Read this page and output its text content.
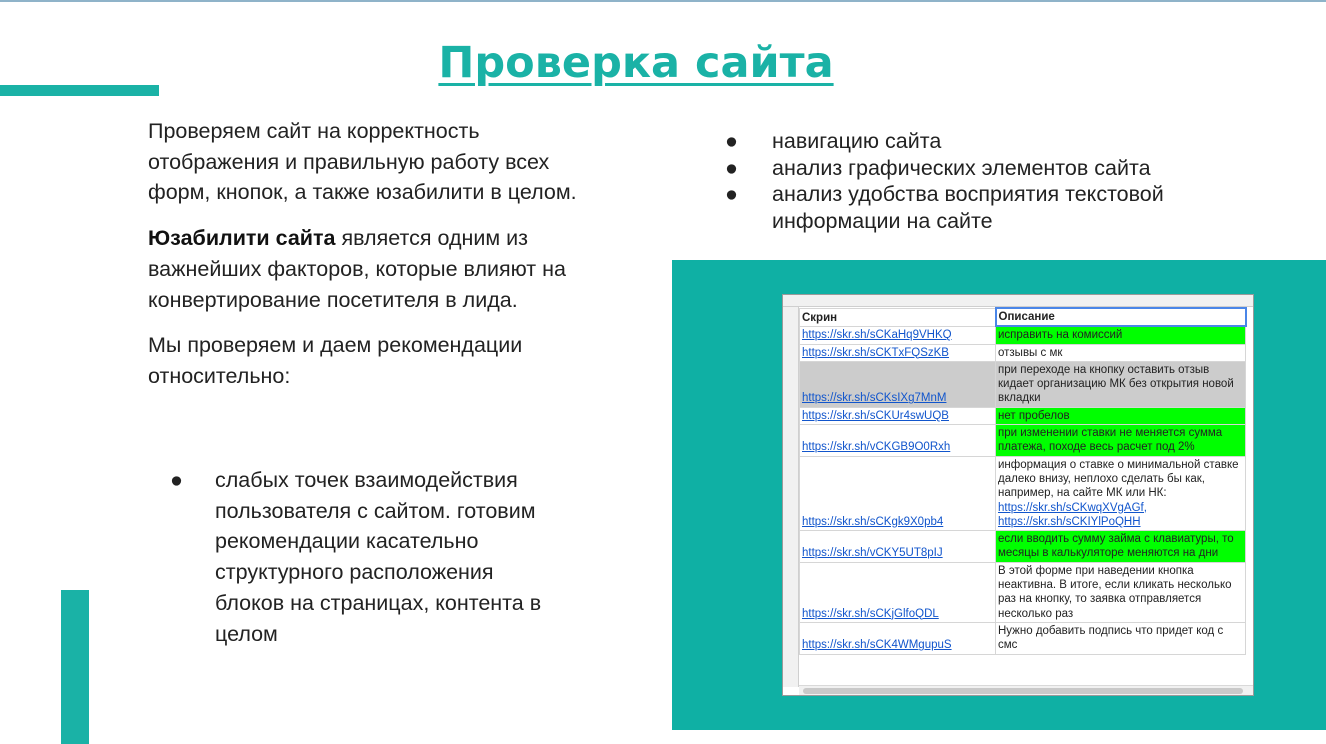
Проверка сайта

Проверяем сайт на корректность отображения и правильную работу всех форм, кнопок, а также юзабилити в целом.

Юзабилити сайта является одним из важнейших факторов, которые влияют на конвертирование посетителя в лида.

Мы проверяем и даем рекомендации относительно:

● слабых точек взаимодействия пользователя с сайтом. готовим рекомендации касательно структурного расположения блоков на страницах, контента в целом
● навигацию сайта
● анализ графических элементов сайта
● анализ удобства восприятия текстовой информации на сайте
Скрин	Описание
https://skr.sh/sCKaHq9VHKQ	исправить на комиссий
https://skr.sh/sCKTxFQSzKB	отзывы с мк
https://skr.sh/sCKsIXg7MnM	при переходе на кнопку оставить отзыв кидает организацию МК без открытия новой вкладки
https://skr.sh/sCKUr4swUQB	нет пробелов
https://skr.sh/vCKGB9O0Rxh	при изменении ставки не меняется сумма платежа, походе весь расчет под 2%
https://skr.sh/sCKgk9X0pb4	информация о ставке о минимальной ставке далеко внизу, неплохо сделать бы как, например, на сайте МК или НК:
https://skr.sh/sCKwqXVgAGf,
https://skr.sh/sCKIYlPoQHH
https://skr.sh/vCKY5UT8pIJ	если вводить сумму займа с клавиатуры, то месяцы в калькуляторе меняются на дни
https://skr.sh/sCKjGlfoQDL	В этой форме при наведении кнопка неактивна. В итоге, если кликать несколько раз на кнопку, то заявка отправляется несколько раз
https://skr.sh/sCK4WMgupuS	Нужно добавить подпись что придет код с смс
